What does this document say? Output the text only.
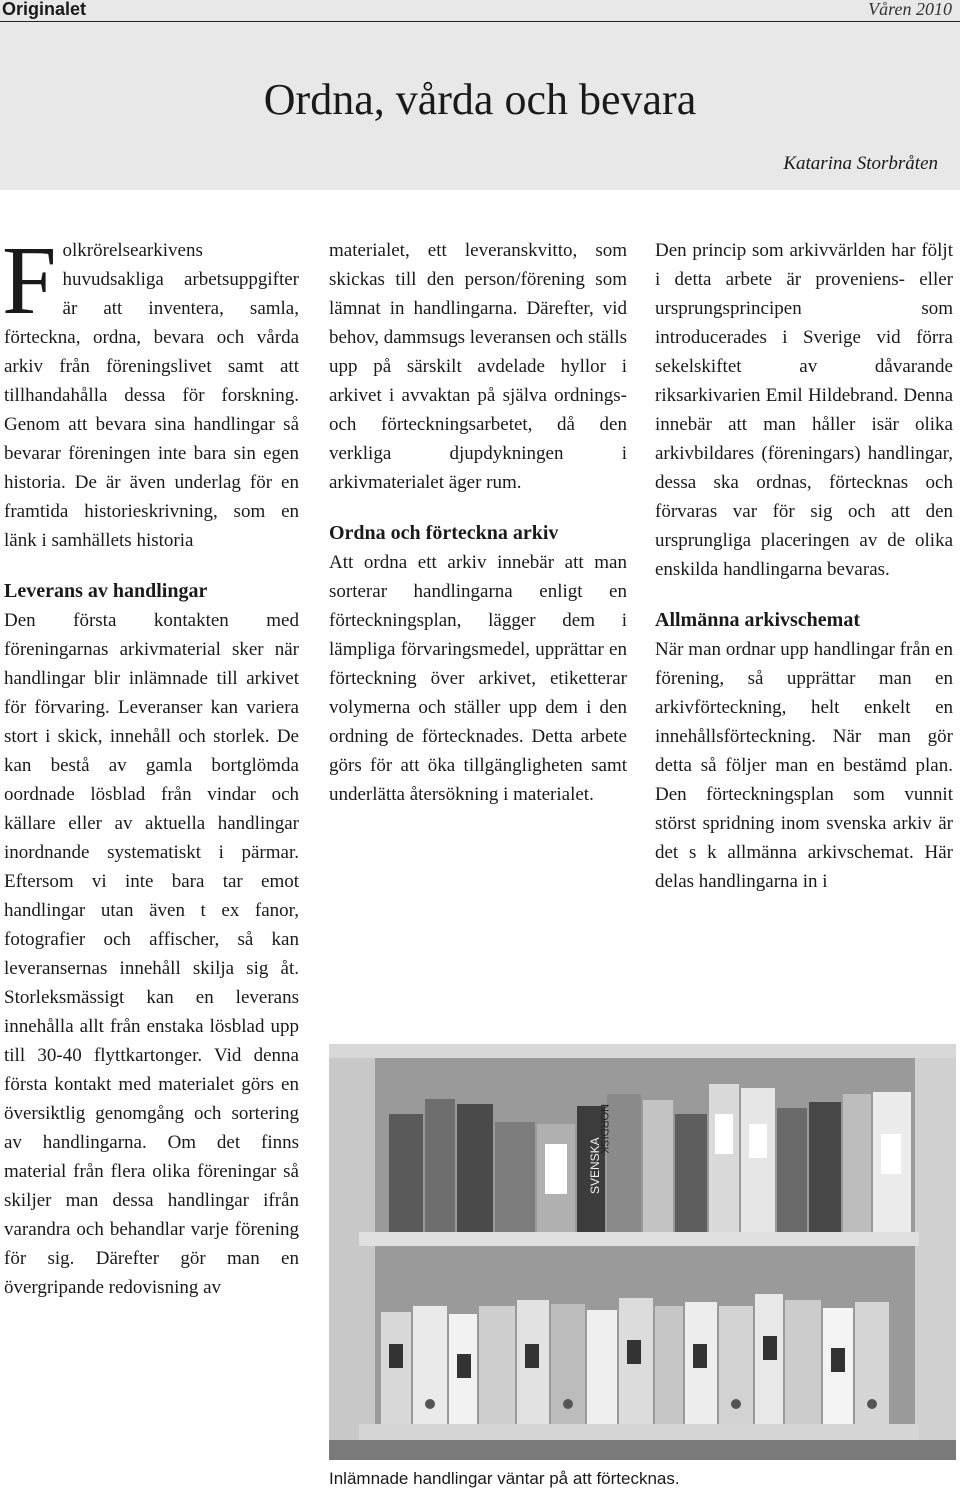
Originalet	Våren 2010
Ordna, vårda och bevara
Katarina Storbråten

Folkrörelsearkivens huvudsakliga arbetsuppgifter är att inventera, samla, förteckna, ordna, bevara och vårda arkiv från föreningslivet samt att tillhandahålla dessa för forskning. Genom att bevara sina handlingar så bevarar föreningen inte bara sin egen historia. De är även underlag för en framtida historieskrivning, som en länk i samhällets historia

Leverans av handlingar

Den första kontakten med föreningarnas arkivmaterial sker när handlingar blir inlämnade till arkivet för förvaring. Leveranser kan variera stort i skick, innehåll och storlek. De kan bestå av gamla bortglömda oordnade lösblad från vindar och källare eller av aktuella handlingar inordnande systematiskt i pärmar. Eftersom vi inte bara tar emot handlingar utan även t ex fanor, fotografier och affischer, så kan leveransernas innehåll skilja sig åt. Storleksmässigt kan en leverans innehålla allt från enstaka lösblad upp till 30-40 flyttkartonger. Vid denna första kontakt med materialet görs en översiktlig genomgång och sortering av handlingarna. Om det finns material från flera olika föreningar så skiljer man dessa handlingar ifrån varandra och behandlar varje förening för sig. Därefter gör man en övergripande redovisning av

materialet, ett leveranskvitto, som skickas till den person/förening som lämnat in handlingarna. Därefter, vid behov, dammsugs leveransen och ställs upp på särskilt avdelade hyllor i arkivet i avvaktan på själva ordnings- och förteckningsarbetet, då den verkliga djupdykningen i arkivmaterialet äger rum.

Ordna och förteckna arkiv

Att ordna ett arkiv innebär att man sorterar handlingarna enligt en förteckningsplan, lägger dem i lämpliga förvaringsmedel, upprättar en förteckning över arkivet, etiketterar volymerna och ställer upp dem i den ordning de förtecknades. Detta arbete görs för att öka tillgängligheten samt underlätta återsökning i materialet.

Den princip som arkivvärlden har följt i detta arbete är proveniens- eller ursprungsprincipen som introducerades i Sverige vid förra sekelskiftet av dåvarande riksarkivarien Emil Hildebrand. Denna innebär att man håller isär olika arkivbildares (föreningars) handlingar, dessa ska ordnas, förtecknas och förvaras var för sig och att den ursprungliga placeringen av de olika enskilda handlingarna bevaras.

Allmänna arkivschemat

När man ordnar upp handlingar från en förening, så upprättar man en arkivförteckning, helt enkelt en innehållsförteckning. När man gör detta så följer man en bestämd plan. Den förteckningsplan som vunnit störst spridning inom svenska arkiv är det s k allmänna arkivschemat. Här delas handlingarna in i

SVENSKA
NORDISK
Inlämnade handlingar väntar på att förtecknas.
